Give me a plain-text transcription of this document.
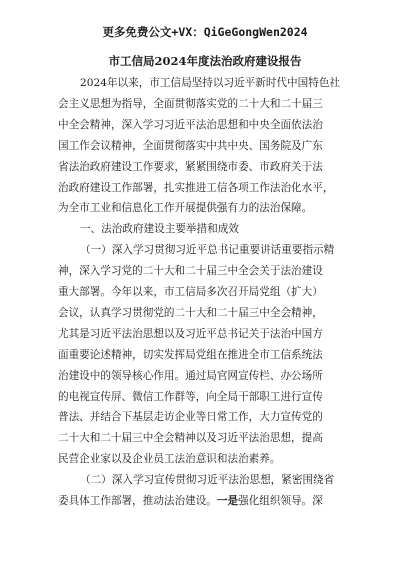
更多免费公文+VX：QiGeGongWen2024
市工信局2024年度法治政府建设报告
2024年以来，市工信局坚持以习近平新时代中国特色社
会主义思想为指导，全面贯彻落实党的二十大和二十届三
中全会精神，深入学习习近平法治思想和中央全面依法治
国工作会议精神，全面贯彻落实中共中央、国务院及广东
省法治政府建设工作要求，紧紧围绕市委、市政府关于法
治政府建设工作部署，扎实推进工信各项工作法治化水平，
为全市工业和信息化工作开展提供强有力的法治保障。
一、法治政府建设主要举措和成效
（一）深入学习贯彻习近平总书记重要讲话重要指示精
神，深入学习党的二十大和二十届三中全会关于法治建设
重大部署。今年以来，市工信局多次召开局党组（扩大）
会议，认真学习贯彻党的二十大和二十届三中全会精神，
尤其是习近平法治思想以及习近平总书记关于法治中国方
面重要论述精神，切实发挥局党组在推进全市工信系统法
治建设中的领导核心作用。通过局官网宣传栏、办公场所
的电视宣传屏、微信工作群等，向全局干部职工进行宣传
普法、并结合下基层走访企业等日常工作，大力宣传党的
二十大和二十届三中全会精神以及习近平法治思想，提高
民营企业家以及企业员工法治意识和法治素养。
（二）深入学习宣传贯彻习近平法治思想，紧密围绕省
委具体工作部署，推动法治建设。一是强化组织领导。深
